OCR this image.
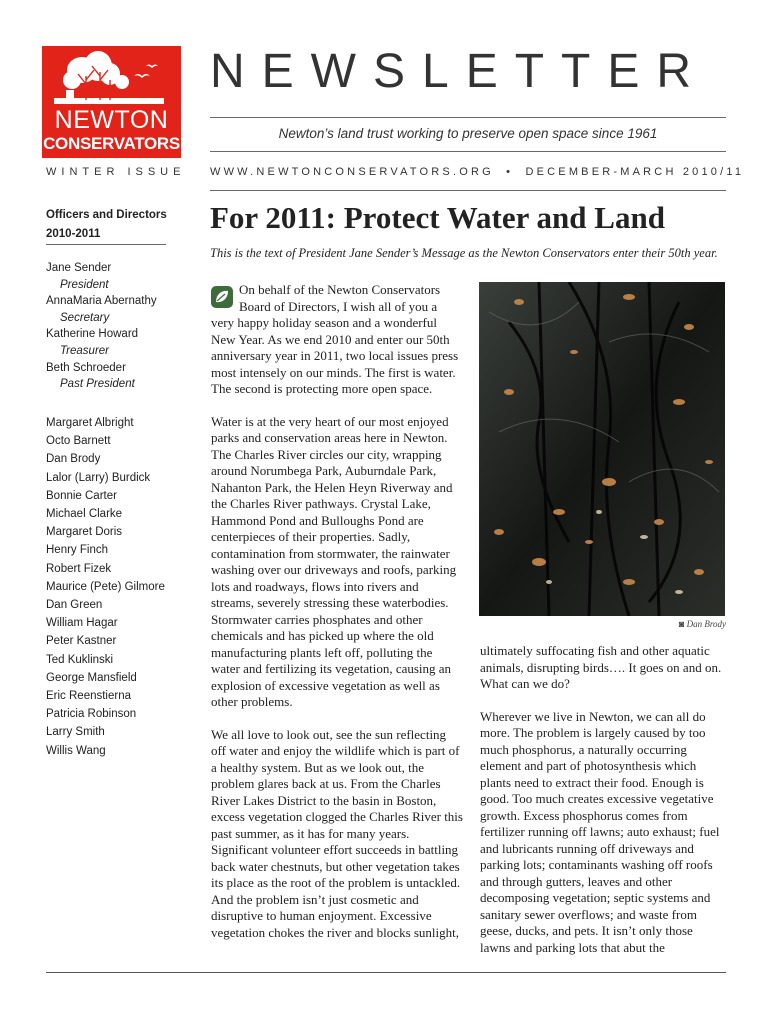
NEWTON
CONSERVATORS
WINTER ISSUE
NEWSLETTER
Newton’s land trust working to preserve open space since 1961
WWW.NEWTONCONSERVATORS.ORG • DECEMBER-MARCH 2010/11
Officers and Directors
2010-2011
Jane Sender
President
AnnaMaria Abernathy
Secretary
Katherine Howard
Treasurer
Beth Schroeder
Past President
Margaret Albright
Octo Barnett
Dan Brody
Lalor (Larry) Burdick
Bonnie Carter
Michael Clarke
Margaret Doris
Henry Finch
Robert Fizek
Maurice (Pete) Gilmore
Dan Green
William Hagar
Peter Kastner
Ted Kuklinski
George Mansfield
Eric Reenstierna
Patricia Robinson
Larry Smith
Willis Wang
For 2011: Protect Water and Land
This is the text of President Jane Sender’s Message as the Newton Conservators enter their 50th year.

On behalf of the Newton Conservators Board of Directors, I wish all of you a very happy holiday season and a wonderful New Year. As we end 2010 and enter our 50th anniversary year in 2011, two local issues press most intensely on our minds. The first is water. The second is protecting more open space.

Water is at the very heart of our most enjoyed parks and conservation areas here in Newton. The Charles River circles our city, wrapping around Norumbega Park, Auburndale Park, Nahanton Park, the Helen Heyn Riverway and the Charles River pathways. Crystal Lake, Hammond Pond and Bulloughs Pond are centerpieces of their properties. Sadly, contamination from stormwater, the rainwater washing over our driveways and roofs, parking lots and roadways, flows into rivers and streams, severely stressing these waterbodies. Stormwater carries phosphates and other chemicals and has picked up where the old manufacturing plants left off, polluting the water and fertilizing its vegetation, causing an explosion of excessive vegetation as well as other problems.

We all love to look out, see the sun reflecting off water and enjoy the wildlife which is part of a healthy system. But as we look out, the problem glares back at us. From the Charles River Lakes District to the basin in Boston, excess vegetation clogged the Charles River this past summer, as it has for many years. Significant volunteer effort succeeds in battling back water chestnuts, but other vegetation takes its place as the root of the problem is untackled. And the problem isn’t just cosmetic and disruptive to human enjoyment. Excessive vegetation chokes the river and blocks sunlight,

◙ Dan Brody

ultimately suffocating fish and other aquatic animals, disrupting birds…. It goes on and on. What can we do?

Wherever we live in Newton, we can all do more. The problem is largely caused by too much phosphorus, a naturally occurring element and part of photosynthesis which plants need to extract their food. Enough is good. Too much creates excessive vegetative growth. Excess phosphorus comes from fertilizer running off lawns; auto exhaust; fuel and lubricants running off driveways and parking lots; contaminants washing off roofs and through gutters, leaves and other decomposing vegetation; septic systems and sanitary sewer overflows; and waste from geese, ducks, and pets. It isn’t only those lawns and parking lots that abut the
